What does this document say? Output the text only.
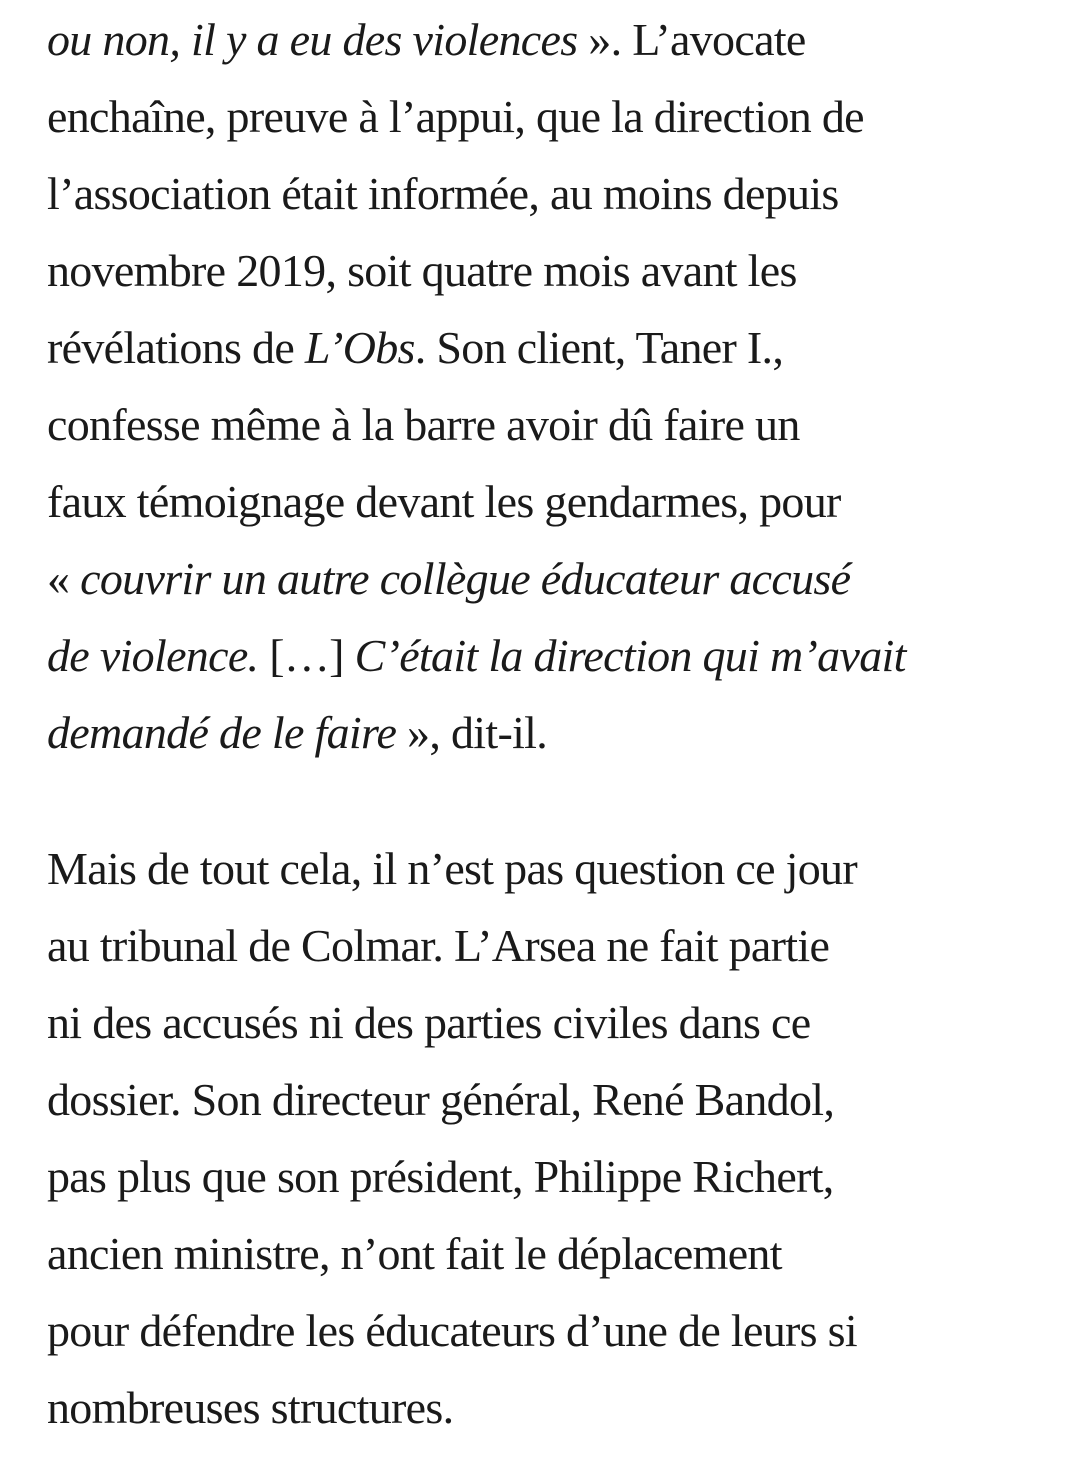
ou non, il y a eu des violences ». L’avocate
enchaîne, preuve à l’appui, que la direction de
l’association était informée, au moins depuis
novembre 2019, soit quatre mois avant les
révélations de L’Obs. Son client, Taner I.,
confesse même à la barre avoir dû faire un
faux témoignage devant les gendarmes, pour
« couvrir un autre collègue éducateur accusé
de violence. […] C’était la direction qui m’avait
demandé de le faire », dit-il.

Mais de tout cela, il n’est pas question ce jour
au tribunal de Colmar. L’Arsea ne fait partie
ni des accusés ni des parties civiles dans ce
dossier. Son directeur général, René Bandol,
pas plus que son président, Philippe Richert,
ancien ministre, n’ont fait le déplacement
pour défendre les éducateurs d’une de leurs si
nombreuses structures.
